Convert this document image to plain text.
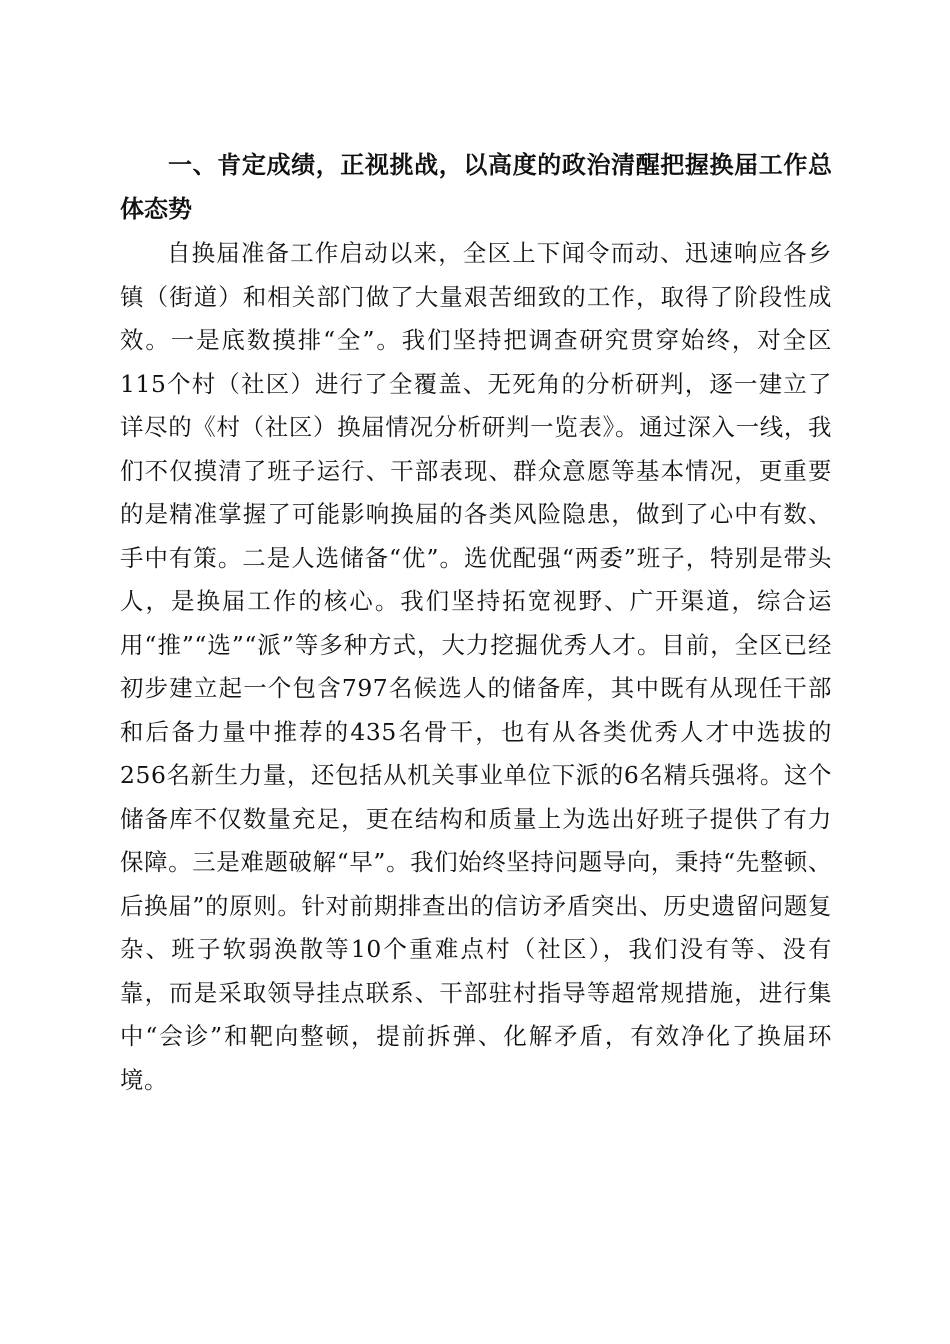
一、肯定成绩，正视挑战，以高度的政治清醒把握换届工作总体态势

自换届准备工作启动以来，全区上下闻令而动、迅速响应各乡镇（街道）和相关部门做了大量艰苦细致的工作，取得了阶段性成效。一是底数摸排“全”。我们坚持把调查研究贯穿始终，对全区115个村（社区）进行了全覆盖、无死角的分析研判，逐一建立了详尽的《村（社区）换届情况分析研判一览表》。通过深入一线，我们不仅摸清了班子运行、干部表现、群众意愿等基本情况，更重要的是精准掌握了可能影响换届的各类风险隐患，做到了心中有数、手中有策。二是人选储备“优”。选优配强“两委”班子，特别是带头人，是换届工作的核心。我们坚持拓宽视野、广开渠道，综合运用“推”“选”“派”等多种方式，大力挖掘优秀人才。目前，全区已经初步建立起一个包含797名候选人的储备库，其中既有从现任干部和后备力量中推荐的435名骨干，也有从各类优秀人才中选拔的256名新生力量，还包括从机关事业单位下派的6名精兵强将。这个储备库不仅数量充足，更在结构和质量上为选出好班子提供了有力保障。三是难题破解“早”。我们始终坚持问题导向，秉持“先整顿、后换届”的原则。针对前期排查出的信访矛盾突出、历史遗留问题复杂、班子软弱涣散等10个重难点村（社区），我们没有等、没有靠，而是采取领导挂点联系、干部驻村指导等超常规措施，进行集中“会诊”和靶向整顿，提前拆弹、化解矛盾，有效净化了换届环境。
